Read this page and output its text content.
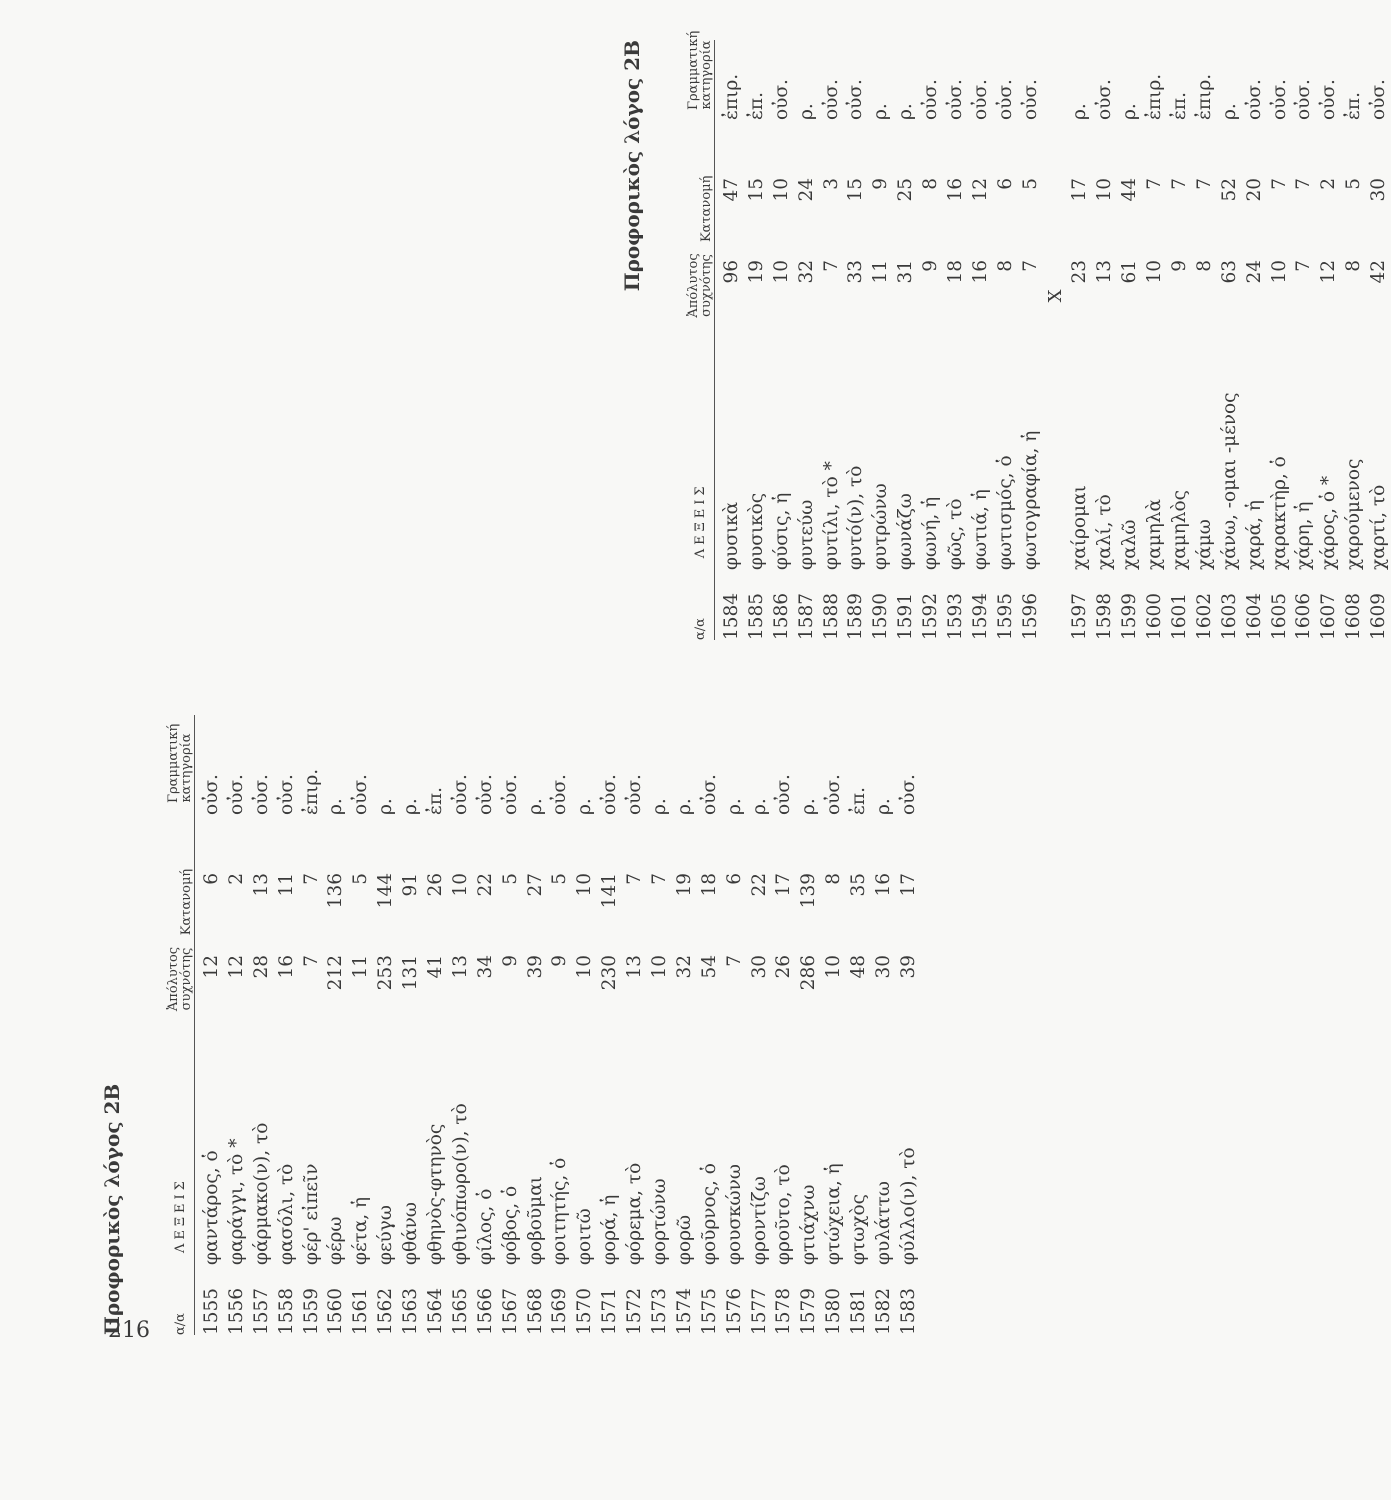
216
Προφορικὸς λόγος 2Β	α/α
ΛΕΞΕΙΣ
Ἀπόλυτος συχνότης
Κατανομή
Γραμματική κατηγορία
1555
φαντάρος, ὁ
12
6
οὐσ.
1556
φαράγγι, τὸ *
12
2
οὐσ.
1557
φάρμακο(ν), τὸ
28
13
οὐσ.
1558
φασόλι, τὸ
16
11
οὐσ.
1559
φέρ' εἰπεῖν
7
7
ἐπιρ.
1560
φέρω
212
136
ρ.
1561
φέτα, ἡ
11
5
οὐσ.
1562
φεύγω
253
144
ρ.
1563
φθάνω
131
91
ρ.
1564
φθηνὸς-φτηνὸς
41
26
ἐπ.
1565
φθινόπωρο(ν), τὸ
13
10
οὐσ.
1566
φίλος, ὁ
34
22
οὐσ.
1567
φόβος, ὁ
9
5
οὐσ.
1568
φοβοῦμαι
39
27
ρ.
1569
φοιτητής, ὁ
9
5
οὐσ.
1570
φοιτῶ
10
10
ρ.
1571
φορά, ἡ
230
141
οὐσ.
1572
φόρεμα, τὸ
13
7
οὐσ.
1573
φορτώνω
10
7
ρ.
1574
φορῶ
32
19
ρ.
1575
φοῦρνος, ὁ
54
18
οὐσ.
1576
φουσκώνω
7
6
ρ.
1577
φροντίζω
30
22
ρ.
1578
φροῦτο, τὸ
26
17
οὐσ.
1579
φτιάχνω
286
139
ρ.
1580
φτώχεια, ἡ
10
8
οὐσ.
1581
φτωχὸς
48
35
ἐπ.
1582
φυλάττω
30
16
ρ.
1583
φύλλο(ν), τὸ
39
17
οὐσ.
Προφορικὸς λόγος 2Β
α/α
ΛΕΞΕΙΣ
Ἀπόλυτος συχνότης
Κατανομή
Γραμματική κατηγορία
1584
φυσικὰ
96
47
ἐπιρ.
1585
φυσικὸς
19
15
ἐπ.
1586
φύσις, ἡ
10
10
οὐσ.
1587
φυτεύω
32
24
ρ.
1588
φυτίλι, τὸ *
7
3
οὐσ.
1589
φυτό(ν), τὸ
33
15
οὐσ.
1590
φυτρώνω
11
9
ρ.
1591
φωνάζω
31
25
ρ.
1592
φωνή, ἡ
9
8
οὐσ.
1593
φῶς, τὸ
18
16
οὐσ.
1594
φωτιά, ἡ
16
12
οὐσ.
1595
φωτισμός, ὁ
8
6
οὐσ.
1596
φωτογραφία, ἡ
7
5
οὐσ.
X
1597
χαίρομαι
23
17
ρ.
1598
χαλί, τὸ
13
10
οὐσ.
1599
χαλῶ
61
44
ρ.
1600
χαμηλὰ
10
7
ἐπιρ.
1601
χαμηλὸς
9
7
ἐπ.
1602
χάμω
8
7
ἐπιρ.
1603
χάνω, -ομαι -μένος
63
52
ρ.
1604
χαρά, ἡ
24
20
οὐσ.
1605
χαρακτὴρ, ὁ
10
7
οὐσ.
1606
χάρη, ἡ
7
7
οὐσ.
1607
χάρος, ὁ *
12
2
οὐσ.
1608
χαρούμενος
8
5
ἐπ.
1609
χαρτί, τὸ
42
30
οὐσ.
